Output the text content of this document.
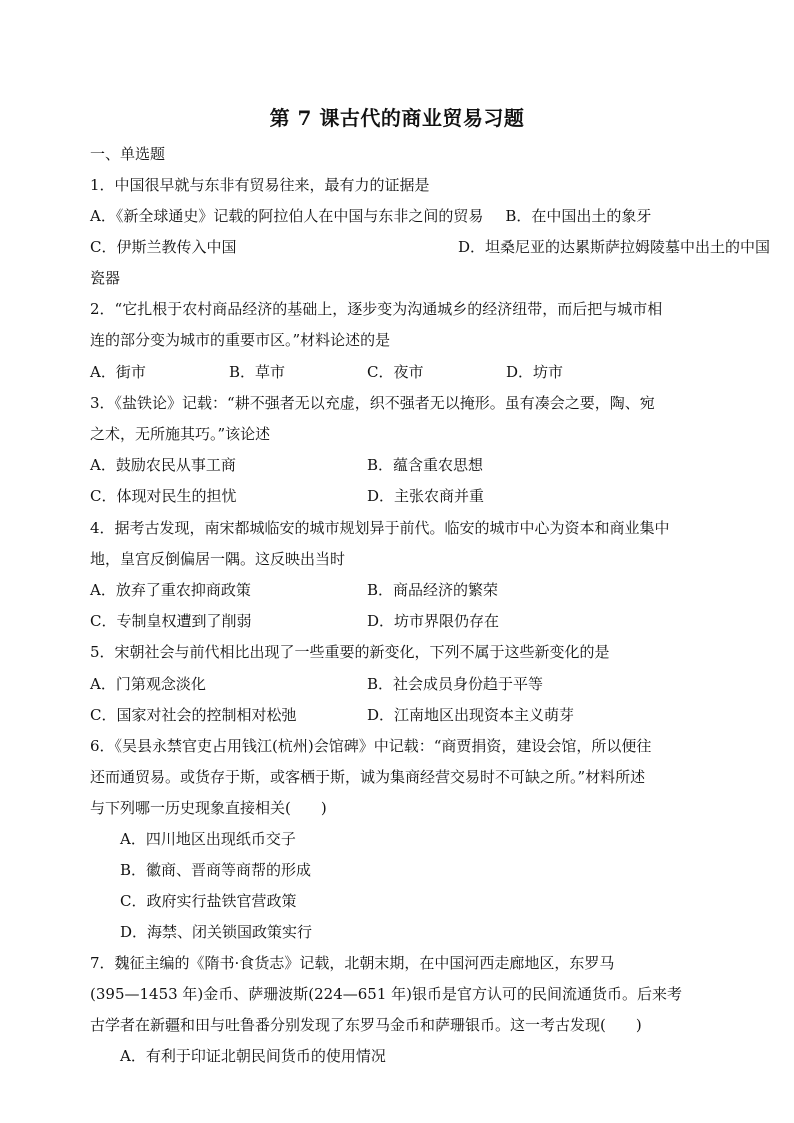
第 7 课古代的商业贸易习题
一、单选题
1．中国很早就与东非有贸易往来，最有力的证据是
A．《新全球通史》记载的阿拉伯人在中国与东非之间的贸易 B．在中国出土的象牙
C．伊斯兰教传入中国	D．坦桑尼亚的达累斯萨拉姆陵墓中出土的中国
瓷器
2．“它扎根于农村商品经济的基础上，逐步变为沟通城乡的经济纽带，而后把与城市相
连的部分变为城市的重要市区。”材料论述的是
A．街市	B．草市	C．夜市	D．坊市
3．《盐铁论》记载：“耕不强者无以充虚，织不强者无以掩形。虽有凑会之要，陶、宛
之术，无所施其巧。”该论述
A．鼓励农民从事工商	B．蕴含重农思想
C．体现对民生的担忧	D．主张农商并重
4．据考古发现，南宋都城临安的城市规划异于前代。临安的城市中心为资本和商业集中
地，皇宫反倒偏居一隅。这反映出当时
A．放弃了重农抑商政策	B．商品经济的繁荣
C．专制皇权遭到了削弱	D．坊市界限仍存在
5．宋朝社会与前代相比出现了一些重要的新变化，下列不属于这些新变化的是
A．门第观念淡化	B．社会成员身份趋于平等
C．国家对社会的控制相对松弛	D．江南地区出现资本主义萌芽
6．《吴县永禁官吏占用钱江(杭州)会馆碑》中记载：“商贾捐资，建设会馆，所以便往
还而通贸易。或货存于斯，或客栖于斯，诚为集商经营交易时不可缺之所。”材料所述
与下列哪一历史现象直接相关(　　)
A．四川地区出现纸币交子
B．徽商、晋商等商帮的形成
C．政府实行盐铁官营政策
D．海禁、闭关锁国政策实行
7．魏征主编的《隋书·食货志》记载，北朝末期，在中国河西走廊地区，东罗马
(395—1453 年)金币、萨珊波斯(224—651 年)银币是官方认可的民间流通货币。后来考
古学者在新疆和田与吐鲁番分别发现了东罗马金币和萨珊银币。这一考古发现(　　)
A．有利于印证北朝民间货币的使用情况
